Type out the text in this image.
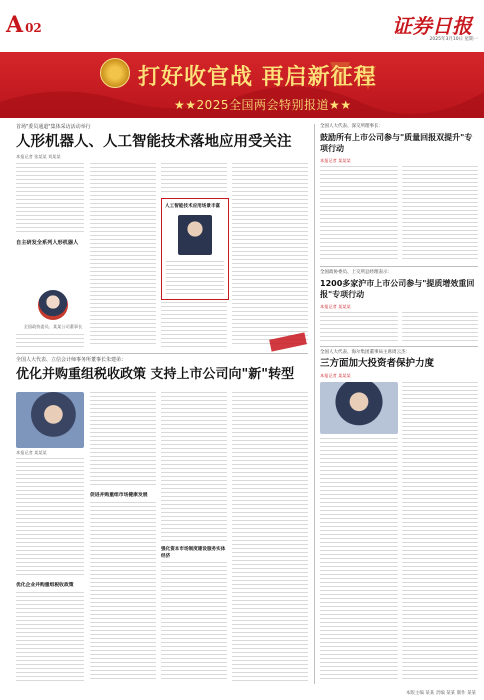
A 02	证券日报
2025年3月10日 星期一
打好收官战 再启新征程
★★2025全国两会特别报道★★
首场"委员通道"集体采访活动举行
人形机器人、人工智能技术落地应用受关注
本报记者 张某某 刘某某
自主研发全系列人形机器人
全国政协委员、某某公司董事长
人工智能技术应用场景丰富
全国人大代表、立信会计师事务所董事长朱建弟：
优化并购重组税收政策 支持上市公司向"新"转型
本报记者 某某某
优化企业并购重组税收政策
促进并购重组市场健康发展
强化资本市场制度建设服务实体经济
全国人大代表、深交所理事长：
鼓励所有上市公司参与"质量回报双提升"专项行动
本报记者 某某某
全国政协委员、上交所总经理表示：
1200多家沪市上市公司参与"提质增效重回报"专项行动
本报记者 某某某
全国人大代表、海尔集团董事局主席周云杰：
三方面加大投资者保护力度
本报记者 某某某
本版主编 某某 责编 某某 制作 某某
